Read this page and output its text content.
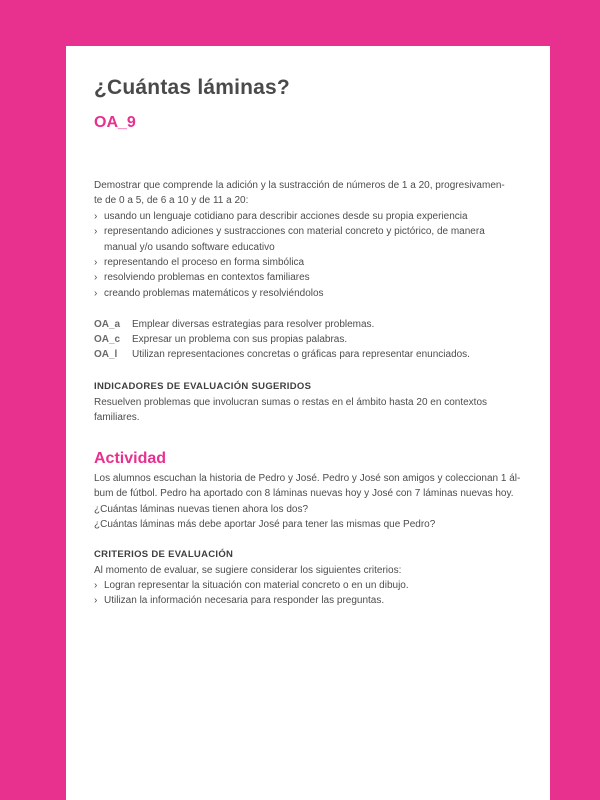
¿Cuántas láminas?
OA_9
Demostrar que comprende la adición y la sustracción de números de 1 a 20, progresivamen-
te de 0 a 5, de 6 a 10 y de 11 a 20:
Actividad
› usando un lenguaje cotidiano para describir acciones desde su propia experiencia
› representando adiciones y sustracciones con material concreto y pictórico, de manera
manual y/o usando software educativo
› representando el proceso en forma simbólica
› resolviendo problemas en contextos familiares
› creando problemas matemáticos y resolviéndolos
OA_a Emplear diversas estrategias para resolver problemas.
OA_c Expresar un problema con sus propias palabras.
OA_l Utilizan representaciones concretas o gráficas para representar enunciados.
INDICADORES DE EVALUACIÓN SUGERIDOS
Resuelven problemas que involucran sumas o restas en el ámbito hasta 20 en contextos
familiares.
Los alumnos escuchan la historia de Pedro y José. Pedro y José son amigos y coleccionan 1 ál-
bum de fútbol. Pedro ha aportado con 8 láminas nuevas hoy y José con 7 láminas nuevas hoy.
¿Cuántas láminas nuevas tienen ahora los dos?
¿Cuántas láminas más debe aportar José para tener las mismas que Pedro?
CRITERIOS DE EVALUACIÓN
Al momento de evaluar, se sugiere considerar los siguientes criterios:
› Logran representar la situación con material concreto o en un dibujo.
› Utilizan la información necesaria para responder las preguntas.
